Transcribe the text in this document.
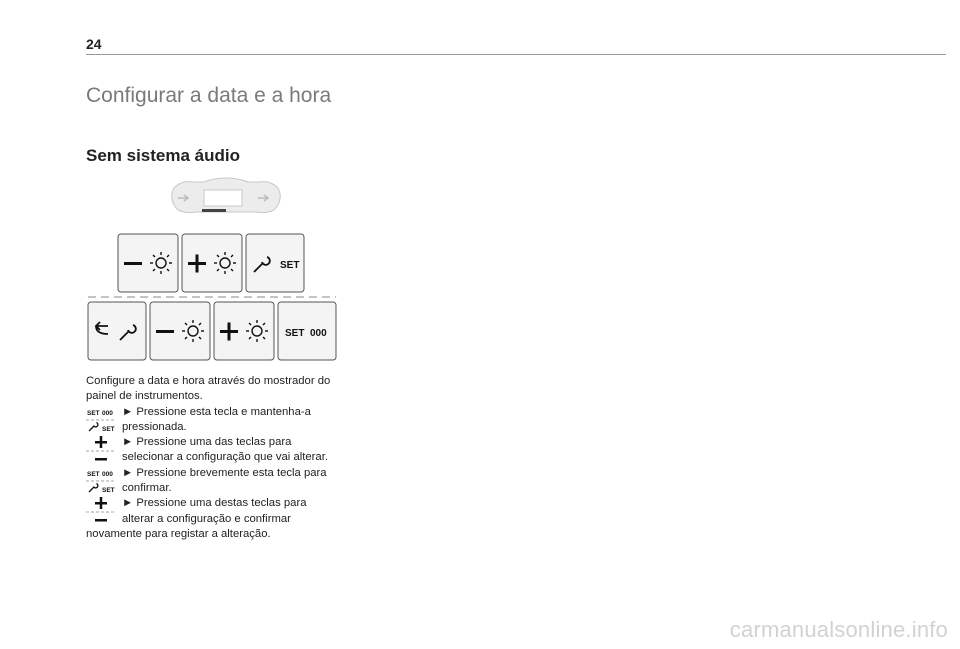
24
Configurar a data e a hora
Sem sistema áudio
SET
SET 000

Configure a data e hora através do mostrador do painel de instrumentos.

SET 000
SET

► Pressione esta tecla e mantenha-a
pressionada.

► Pressione uma das teclas para
selecionar a configuração que vai alterar.

SET 000
SET

► Pressione brevemente esta tecla para
confirmar.

► Pressione uma destas teclas para
alterar a configuração e confirmar

novamente para registar a alteração.

carmanualsonline.info
